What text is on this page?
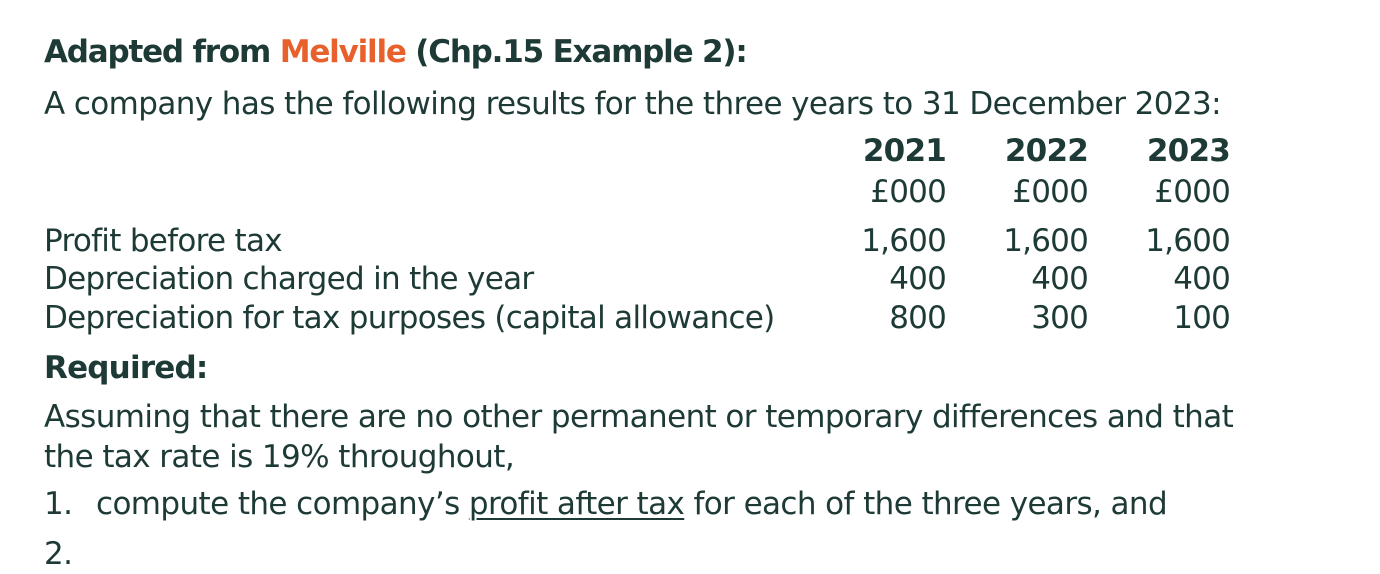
Adapted from Melville (Chp.15 Example 2):
A company has the following results for the three years to 31 December 2023:
2021	2022	2023
£000	£000	£000
Profit before tax	1,600	1,600	1,600
Depreciation charged in the year	400	400	400
Depreciation for tax purposes (capital allowance)	800	300	100
Required:
Assuming that there are no other permanent or temporary differences and that
the tax rate is 19% throughout,
1. compute the company’s profit after tax for each of the three years, and
2.
